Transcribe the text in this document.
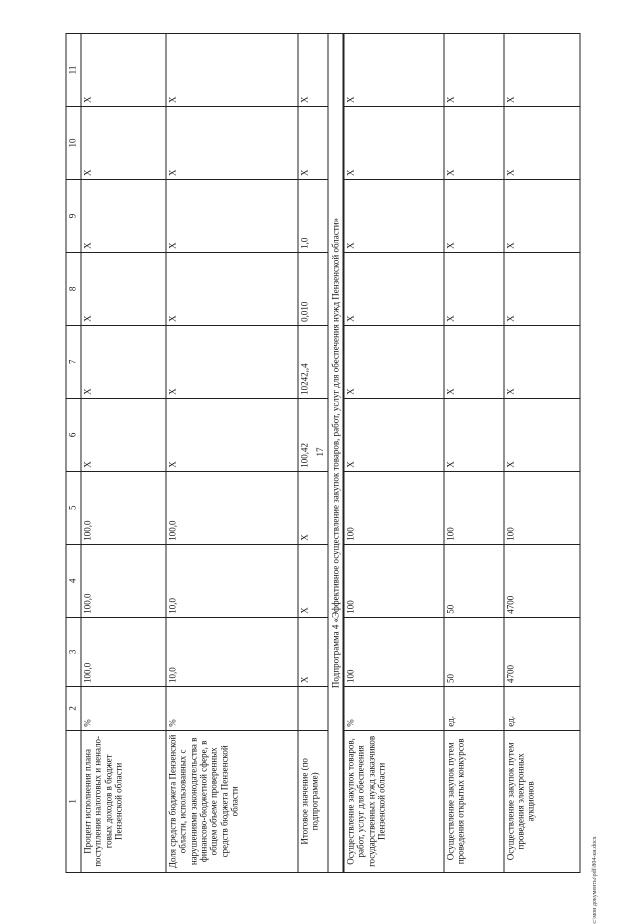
17
1	2	3	4	5	6	7	8	9	10	11
Процент исполнения плана поступления налоговых и ненало-говых доходов в бюджет Пензенской области	%	100,0	100,0	100,0	X	X	X	X	X	X
Доля средств бюджета Пензенской области, использованных с нарушениями законодательства в финансово-бюджетной сфере, в общем объеме проверенных средств бюджета Пензенской области	%	10,0	10,0	100,0	X	X	X	X	X	X
Итоговое значение (по подпрограмме)		X	X	X	100,42	10242,,4	0,010	1,0	X	X
Подпрограмма 4 «Эффективное осуществление закупок товаров, работ, услуг для обеспечения нужд Пензенской области»										
Осуществление закупок товаров, работ, услуг для обеспечения государственных нужд заказчиков Пензенской области	%	100	100	100	X	X	X	X	X	X
Осуществление закупок путем проведения открытых конкурсов	ед.	50	50	100	X	X	X	X	X	X
Осуществление закупок путем проведения электронных аукционов	ед.	4700	4700	100	X	X	X	X	X	X
c:\мои документы\pdf\804-ки.docx
